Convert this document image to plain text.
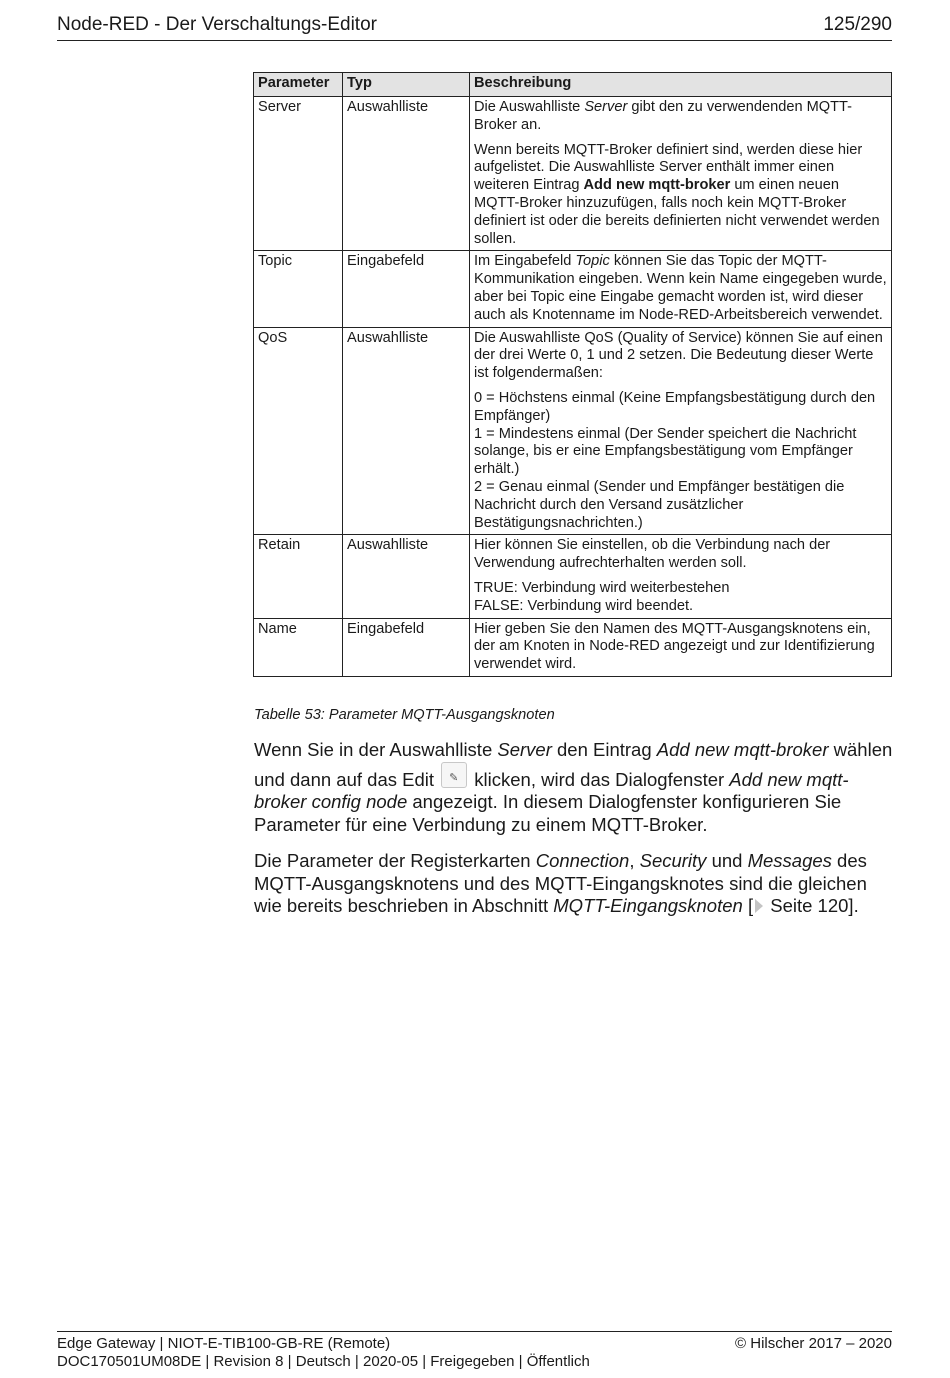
Node-RED - Der Verschaltungs-Editor	125/290
Parameter	Typ	Beschreibung
Server	Auswahlliste	Die Auswahlliste Server gibt den zu verwendenden MQTT-Broker an.

Wenn bereits MQTT-Broker definiert sind, werden diese hier aufgelistet. Die Auswahlliste Server enthält immer einen weiteren Eintrag Add new mqtt-broker um einen neuen MQTT-Broker hinzuzufügen, falls noch kein MQTT-Broker definiert ist oder die bereits definierten nicht verwendet werden sollen.

Topic	Eingabefeld	Im Eingabefeld Topic können Sie das Topic der MQTT-Kommunikation eingeben. Wenn kein Name eingegeben wurde, aber bei Topic eine Eingabe gemacht worden ist, wird dieser auch als Knotenname im Node-RED-Arbeitsbereich verwendet.

QoS	Auswahlliste	Die Auswahlliste QoS (Quality of Service) können Sie auf einen der drei Werte 0, 1 und 2 setzen. Die Bedeutung dieser Werte ist folgendermaßen:

0 = Höchstens einmal (Keine Empfangsbestätigung durch den Empfänger)
1 = Mindestens einmal (Der Sender speichert die Nachricht solange, bis er eine Empfangsbestätigung vom Empfänger erhält.)
2 = Genau einmal (Sender und Empfänger bestätigen die Nachricht durch den Versand zusätzlicher Bestätigungsnachrichten.)

Retain	Auswahlliste	Hier können Sie einstellen, ob die Verbindung nach der Verwendung aufrechterhalten werden soll.

TRUE: Verbindung wird weiterbestehen
FALSE: Verbindung wird beendet.

Name	Eingabefeld	Hier geben Sie den Namen des MQTT-Ausgangsknotens ein, der am Knoten in Node-RED angezeigt und zur Identifizierung verwendet wird.

Tabelle 53: Parameter MQTT-Ausgangsknoten

Wenn Sie in der Auswahlliste Server den Eintrag Add new mqtt-broker wählen und dann auf das Edit ✎ klicken, wird das Dialogfenster Add new mqtt-broker config node angezeigt. In diesem Dialogfenster konfigurieren Sie Parameter für eine Verbindung zu einem MQTT-Broker.

Die Parameter der Registerkarten Connection, Security und Messages des MQTT-Ausgangsknotens und des MQTT-Eingangsknotes sind die gleichen wie bereits beschrieben in Abschnitt MQTT-Eingangsknoten [ Seite 120].

Edge Gateway | NIOT-E-TIB100-GB-RE (Remote)
DOC170501UM08DE | Revision 8 | Deutsch | 2020-05 | Freigegeben | Öffentlich
© Hilscher 2017 – 2020
